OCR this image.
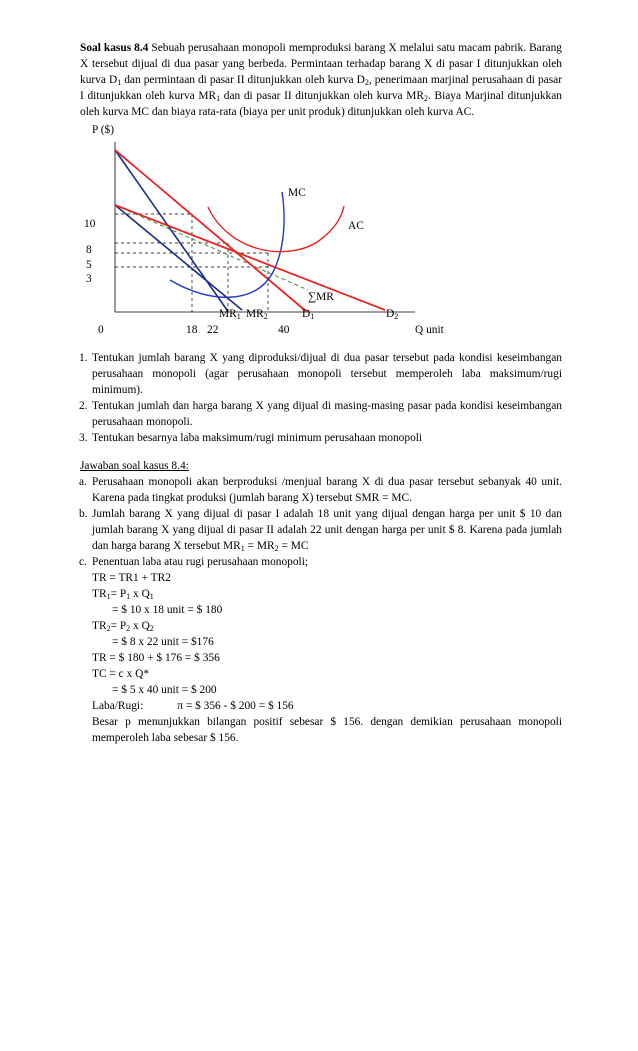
Soal kasus 8.4 Sebuah perusahaan monopoli memproduksi barang X melalui satu macam pabrik. Barang X tersebut dijual di dua pasar yang berbeda. Permintaan terhadap barang X di pasar I ditunjukkan oleh kurva $D_1$ dan permintaan di pasar II ditunjukkan oleh kurva $D_2$, penerimaan marjinal perusahaan di pasar I ditunjukkan oleh kurva $MR_1$ dan di pasar II ditunjukkan oleh kurva $MR_2$. Biaya Marjinal ditunjukkan oleh kurva MC dan biaya rata-rata (biaya per unit produk) ditunjukkan oleh kurva AC.

P ($)
MC
AC
10
8
5
3
∑MR
$MR_1$ $MR_2$	$D_1$	$D_2$
0	18 22	40	Q unit
1. Tentukan jumlah barang X yang diproduksi/dijual di dua pasar tersebut pada kondisi keseimbangan perusahaan monopoli (agar perusahaan monopoli tersebut memperoleh laba maksimum/rugi minimum).
2. Tentukan jumlah dan harga barang X yang dijual di masing-masing pasar pada kondisi keseimbangan perusahaan monopoli.
3. Tentukan besarnya laba maksimum/rugi minimum perusahaan monopoli
Jawaban soal kasus 8.4:
a. Perusahaan monopoli akan berproduksi /menjual barang X di dua pasar tersebut sebanyak 40 unit. Karena pada tingkat produksi (jumlah barang X) tersebut SMR = MC.
b. Jumlah barang X yang dijual di pasar I adalah 18 unit yang dijual dengan harga per unit $ 10 dan jumlah barang X yang dijual di pasar II adalah 22 unit dengan harga per unit $ 8. Karena pada jumlah dan harga barang X tersebut $MR_1 = MR_2$ = MC
c. Penentuan laba atau rugi perusahaan monopoli;
TR = TR1 + TR2
$TR_1= P_1$ x $Q_1$
= $ 10 x 18 unit = $ 180
$TR_2= P_2$ x $Q_2$
= $ 8 x 22 unit = $176
TR = $ 180 + $ 176 = $ 356
TC = c x Q*
= $ 5 x 40 unit = $ 200
Laba/Rugi:	π = $ 356 - $ 200 = $ 156
Besar p menunjukkan bilangan positif sebesar $ 156. dengan demikian perusahaan monopoli memperoleh laba sebesar $ 156.
